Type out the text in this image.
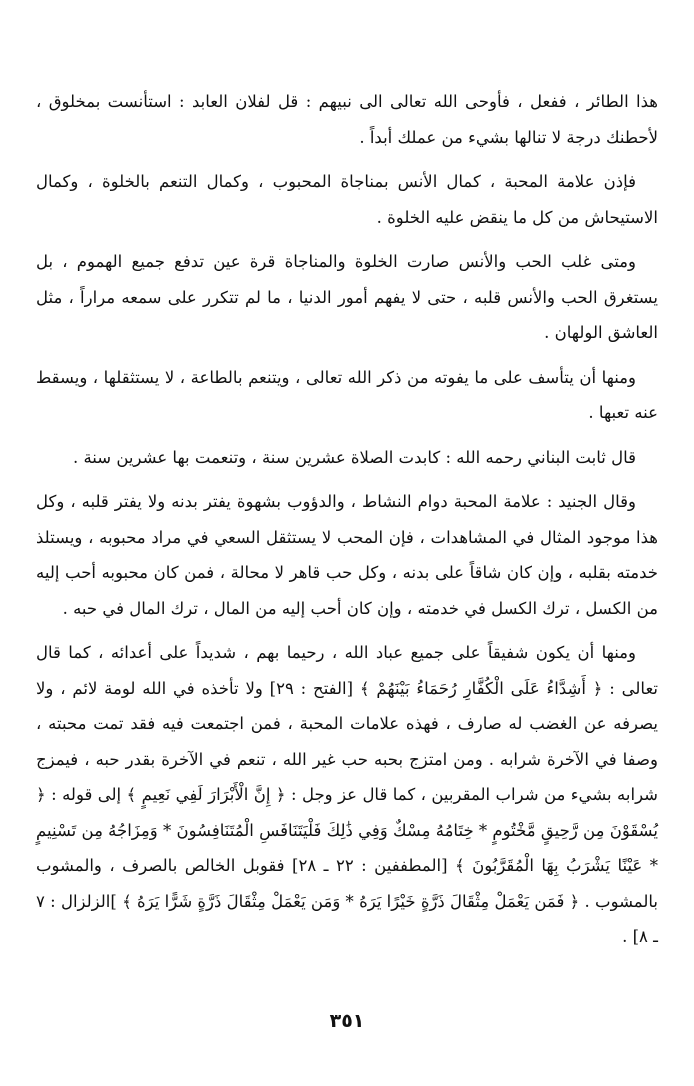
هذا الطائر ، ففعل ، فأوحى الله تعالى الى نبيهم : قل لفلان العابد : استأنست بمخلوق ، لأحطنك درجة لا تنالها بشيء من عملك أبداً .

فإذن علامة المحبة ، كمال الأنس بمناجاة المحبوب ، وكمال التنعم بالخلوة ، وكمال الاستيحاش من كل ما ينقض عليه الخلوة .

ومتى غلب الحب والأنس صارت الخلوة والمناجاة قرة عين تدفع جميع الهموم ، بل يستغرق الحب والأنس قلبه ، حتى لا يفهم أمور الدنيا ، ما لم تتكرر على سمعه مراراً ، مثل العاشق الولهان .

ومنها أن يتأسف على ما يفوته من ذكر الله تعالى ، ويتنعم بالطاعة ، لا يستثقلها ، ويسقط عنه تعبها .

قال ثابت البناني رحمه الله : كابدت الصلاة عشرين سنة ، وتنعمت بها عشرين سنة .

وقال الجنيد : علامة المحبة دوام النشاط ، والدؤوب بشهوة يفتر بدنه ولا يفتر قلبه ، وكل هذا موجود المثال في المشاهدات ، فإن المحب لا يستثقل السعي في مراد محبوبه ، ويستلذ خدمته بقلبه ، وإن كان شاقاً على بدنه ، وكل حب قاهر لا محالة ، فمن كان محبوبه أحب إليه من الكسل ، ترك الكسل في خدمته ، وإن كان أحب إليه من المال ، ترك المال في حبه .

ومنها أن يكون شفيقاً على جميع عباد الله ، رحيما بهم ، شديداً على أعدائه ، كما قال تعالى : ﴿ أَشِدَّاءُ عَلَى الْكُفَّارِ رُحَمَاءُ بَيْنَهُمْ ﴾ [الفتح : ٢٩] ولا تأخذه في الله لومة لائم ، ولا يصرفه عن الغضب له صارف ، فهذه علامات المحبة ، فمن اجتمعت فيه فقد تمت محبته ، وصفا في الآخرة شرابه . ومن امتزج بحبه حب غير الله ، تنعم في الآخرة بقدر حبه ، فيمزج شرابه بشيء من شراب المقربين ، كما قال عز وجل : ﴿ إِنَّ الْأَبْرَارَ لَفِي نَعِيمٍ ﴾ إلى قوله : ﴿ يُسْقَوْنَ مِن رَّحِيقٍ مَّخْتُومٍ * خِتَامُهُ مِسْكٌ وَفِي ذَٰلِكَ فَلْيَتَنَافَسِ الْمُتَنَافِسُونَ * وَمِزَاجُهُ مِن تَسْنِيمٍ * عَيْنًا يَشْرَبُ بِهَا الْمُقَرَّبُونَ ﴾ [المطففين : ٢٢ ـ ٢٨] فقوبل الخالص بالصرف ، والمشوب بالمشوب . ﴿ فَمَن يَعْمَلْ مِثْقَالَ ذَرَّةٍ خَيْرًا يَرَهُ * وَمَن يَعْمَلْ مِثْقَالَ ذَرَّةٍ شَرًّا يَرَهُ ﴾ ]الزلزال : ٧ ـ ٨] .

٣٥١
